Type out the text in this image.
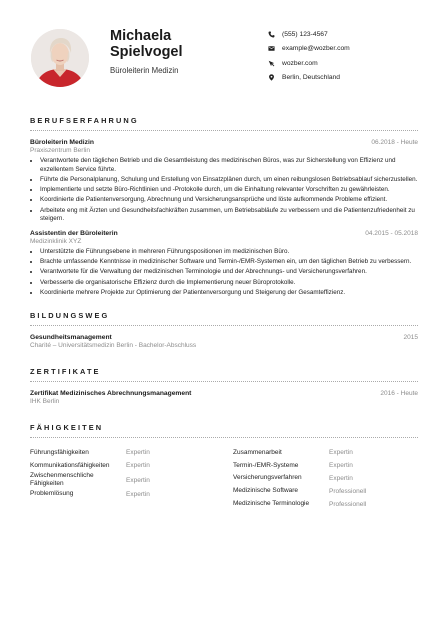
Michaela
Spielvogel
Büroleiterin Medizin
(555) 123-4567
example@wozber.com
wozber.com
Berlin, Deutschland
BERUFSERFAHRUNG
Büroleiterin Medizin	06.2018 - Heute
Praxiszentrum Berlin
• Verantwortete den täglichen Betrieb und die Gesamtleistung des medizinischen Büros, was zur Sicherstellung von Effizienz und exzellentem Service führte.
• Führte die Personalplanung, Schulung und Erstellung von Einsatzplänen durch, um einen reibungslosen Betriebsablauf sicherzustellen.
• Implementierte und setzte Büro-Richtlinien und -Protokolle durch, um die Einhaltung relevanter Vorschriften zu gewährleisten.
• Koordinierte die Patientenversorgung, Abrechnung und Versicherungsansprüche und löste aufkommende Probleme effizient.
• Arbeitete eng mit Ärzten und Gesundheitsfachkräften zusammen, um Betriebsabläufe zu verbessern und die Patientenzufriedenheit zu steigern.
Assistentin der Büroleiterin	04.2015 - 05.2018
Medizinklinik XYZ
• Unterstützte die Führungsebene in mehreren Führungspositionen im medizinischen Büro.
• Brachte umfassende Kenntnisse in medizinischer Software und Termin-/EMR-Systemen ein, um den täglichen Betrieb zu verbessern.
• Verantwortete für die Verwaltung der medizinischen Terminologie und der Abrechnungs- und Versicherungsverfahren.
• Verbesserte die organisatorische Effizienz durch die Implementierung neuer Büroprotokolle.
• Koordinierte mehrere Projekte zur Optimierung der Patientenversorgung und Steigerung der Gesamteffizienz.
BILDUNGSWEG
Gesundheitsmanagement	2015
Charité – Universitätsmedizin Berlin - Bachelor-Abschluss
ZERTIFIKATE
Zertifikat Medizinisches Abrechnungsmanagement	2016 - Heute
IHK Berlin
FÄHIGKEITEN
Führungsfähigkeiten	Expertin
Kommunikationsfähigkeiten	Expertin
Zwischenmenschliche Fähigkeiten	Expertin
Problemlösung	Expertin
Zusammenarbeit	Expertin
Termin-/EMR-Systeme	Expertin
Versicherungsverfahren	Expertin
Medizinische Software	Professionell
Medizinische Terminologie	Professionell
